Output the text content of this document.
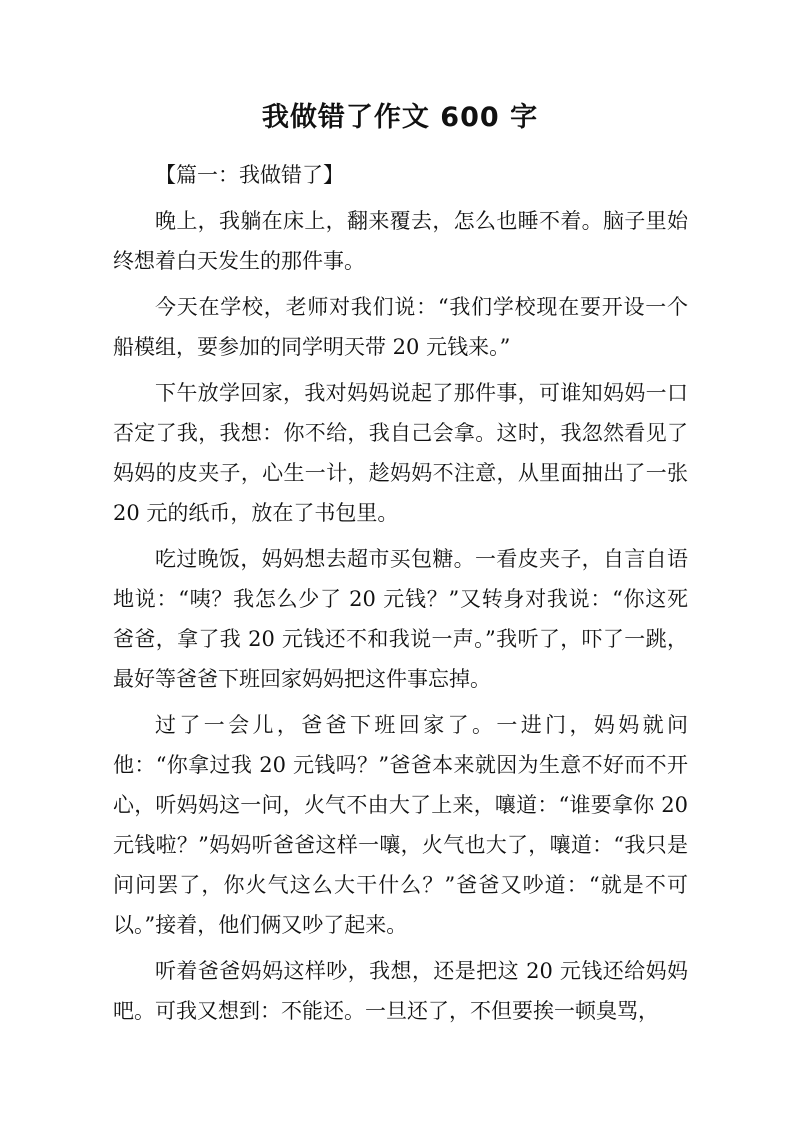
我做错了作文 600 字

【篇一：我做错了】

晚上，我躺在床上，翻来覆去，怎么也睡不着。脑子里始终想着白天发生的那件事。

今天在学校，老师对我们说：“我们学校现在要开设一个船模组，要参加的同学明天带 20 元钱来。”

下午放学回家，我对妈妈说起了那件事，可谁知妈妈一口否定了我，我想：你不给，我自己会拿。这时，我忽然看见了妈妈的皮夹子，心生一计，趁妈妈不注意，从里面抽出了一张 20 元的纸币，放在了书包里。

吃过晚饭，妈妈想去超市买包糖。一看皮夹子，自言自语地说：“咦？我怎么少了 20 元钱？”又转身对我说：“你这死爸爸，拿了我 20 元钱还不和我说一声。”我听了，吓了一跳，最好等爸爸下班回家妈妈把这件事忘掉。

过了一会儿，爸爸下班回家了。一进门，妈妈就问他：“你拿过我 20 元钱吗？”爸爸本来就因为生意不好而不开心，听妈妈这一问，火气不由大了上来，嚷道：“谁要拿你 20 元钱啦？”妈妈听爸爸这样一嚷，火气也大了，嚷道：“我只是问问罢了，你火气这么大干什么？”爸爸又吵道：“就是不可以。”接着，他们俩又吵了起来。

听着爸爸妈妈这样吵，我想，还是把这 20 元钱还给妈妈吧。可我又想到：不能还。一旦还了，不但要挨一顿臭骂，
